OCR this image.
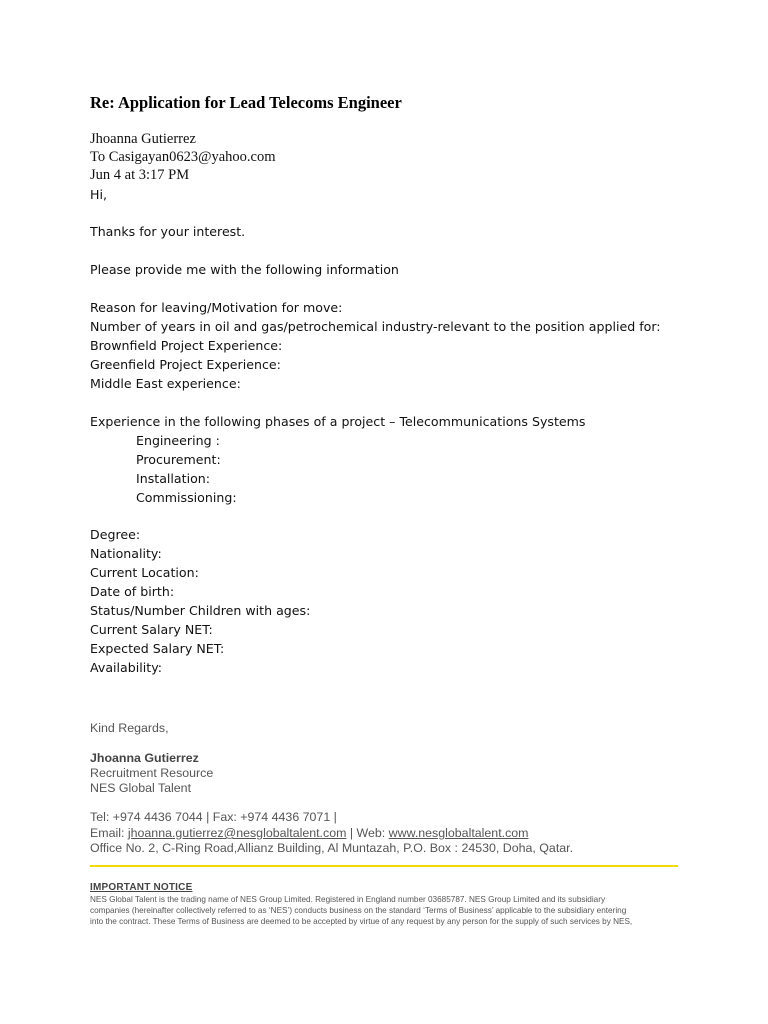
Re: Application for Lead Telecoms Engineer
Jhoanna Gutierrez
To Casigayan0623@yahoo.com
Jun 4 at 3:17 PM
Hi,
Thanks for your interest.
Please provide me with the following information
Reason for leaving/Motivation for move:
Number of years in oil and gas/petrochemical industry-relevant to the position applied for:
Brownfield Project Experience:
Greenfield Project Experience:
Middle East experience:
Experience in the following phases of a project – Telecommunications Systems
Engineering :
Procurement:
Installation:
Commissioning:
Degree:
Nationality:
Current Location:
Date of birth:
Status/Number Children with ages:
Current Salary NET:
Expected Salary NET:
Availability:
Kind Regards,
Jhoanna Gutierrez
Recruitment Resource
NES Global Talent
Tel: +974 4436 7044 | Fax: +974 4436 7071 |
Email: jhoanna.gutierrez@nesglobaltalent.com | Web: www.nesglobaltalent.com
Office No. 2, C-Ring Road,Allianz Building, Al Muntazah, P.O. Box : 24530, Doha, Qatar.
IMPORTANT NOTICE
NES Global Talent is the trading name of NES Group Limited. Registered in England number 03685787. NES Group Limited and its subsidiary
companies (hereinafter collectively referred to as ‘NES’) conducts business on the standard ‘Terms of Business’ applicable to the subsidiary entering
into the contract. These Terms of Business are deemed to be accepted by virtue of any request by any person for the supply of such services by NES,
